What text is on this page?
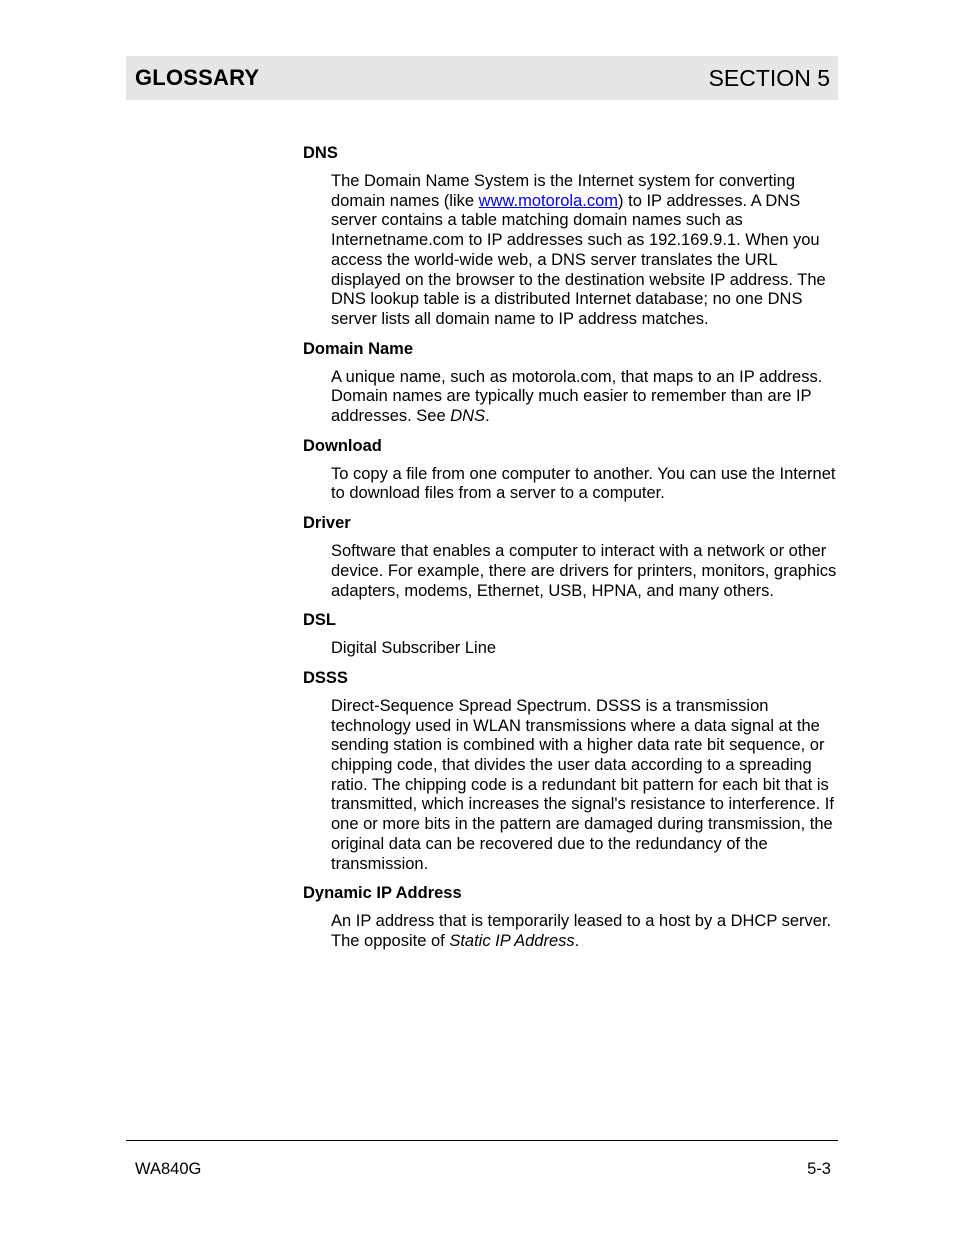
GLOSSARY	SECTION 5

DNS

The Domain Name System is the Internet system for converting domain names (like www.motorola.com) to IP addresses. A DNS server contains a table matching domain names such as Internetname.com to IP addresses such as 192.169.9.1. When you access the world-wide web, a DNS server translates the URL displayed on the browser to the destination website IP address. The DNS lookup table is a distributed Internet database; no one DNS server lists all domain name to IP address matches.

Domain Name

A unique name, such as motorola.com, that maps to an IP address. Domain names are typically much easier to remember than are IP addresses. See DNS.

Download

To copy a file from one computer to another. You can use the Internet to download files from a server to a computer.

Driver

Software that enables a computer to interact with a network or other device. For example, there are drivers for printers, monitors, graphics adapters, modems, Ethernet, USB, HPNA, and many others.

DSL

Digital Subscriber Line

DSSS

Direct-Sequence Spread Spectrum. DSSS is a transmission technology used in WLAN transmissions where a data signal at the sending station is combined with a higher data rate bit sequence, or chipping code, that divides the user data according to a spreading ratio. The chipping code is a redundant bit pattern for each bit that is transmitted, which increases the signal's resistance to interference. If one or more bits in the pattern are damaged during transmission, the original data can be recovered due to the redundancy of the transmission.

Dynamic IP Address

An IP address that is temporarily leased to a host by a DHCP server. The opposite of Static IP Address.

WA840G	5-3
